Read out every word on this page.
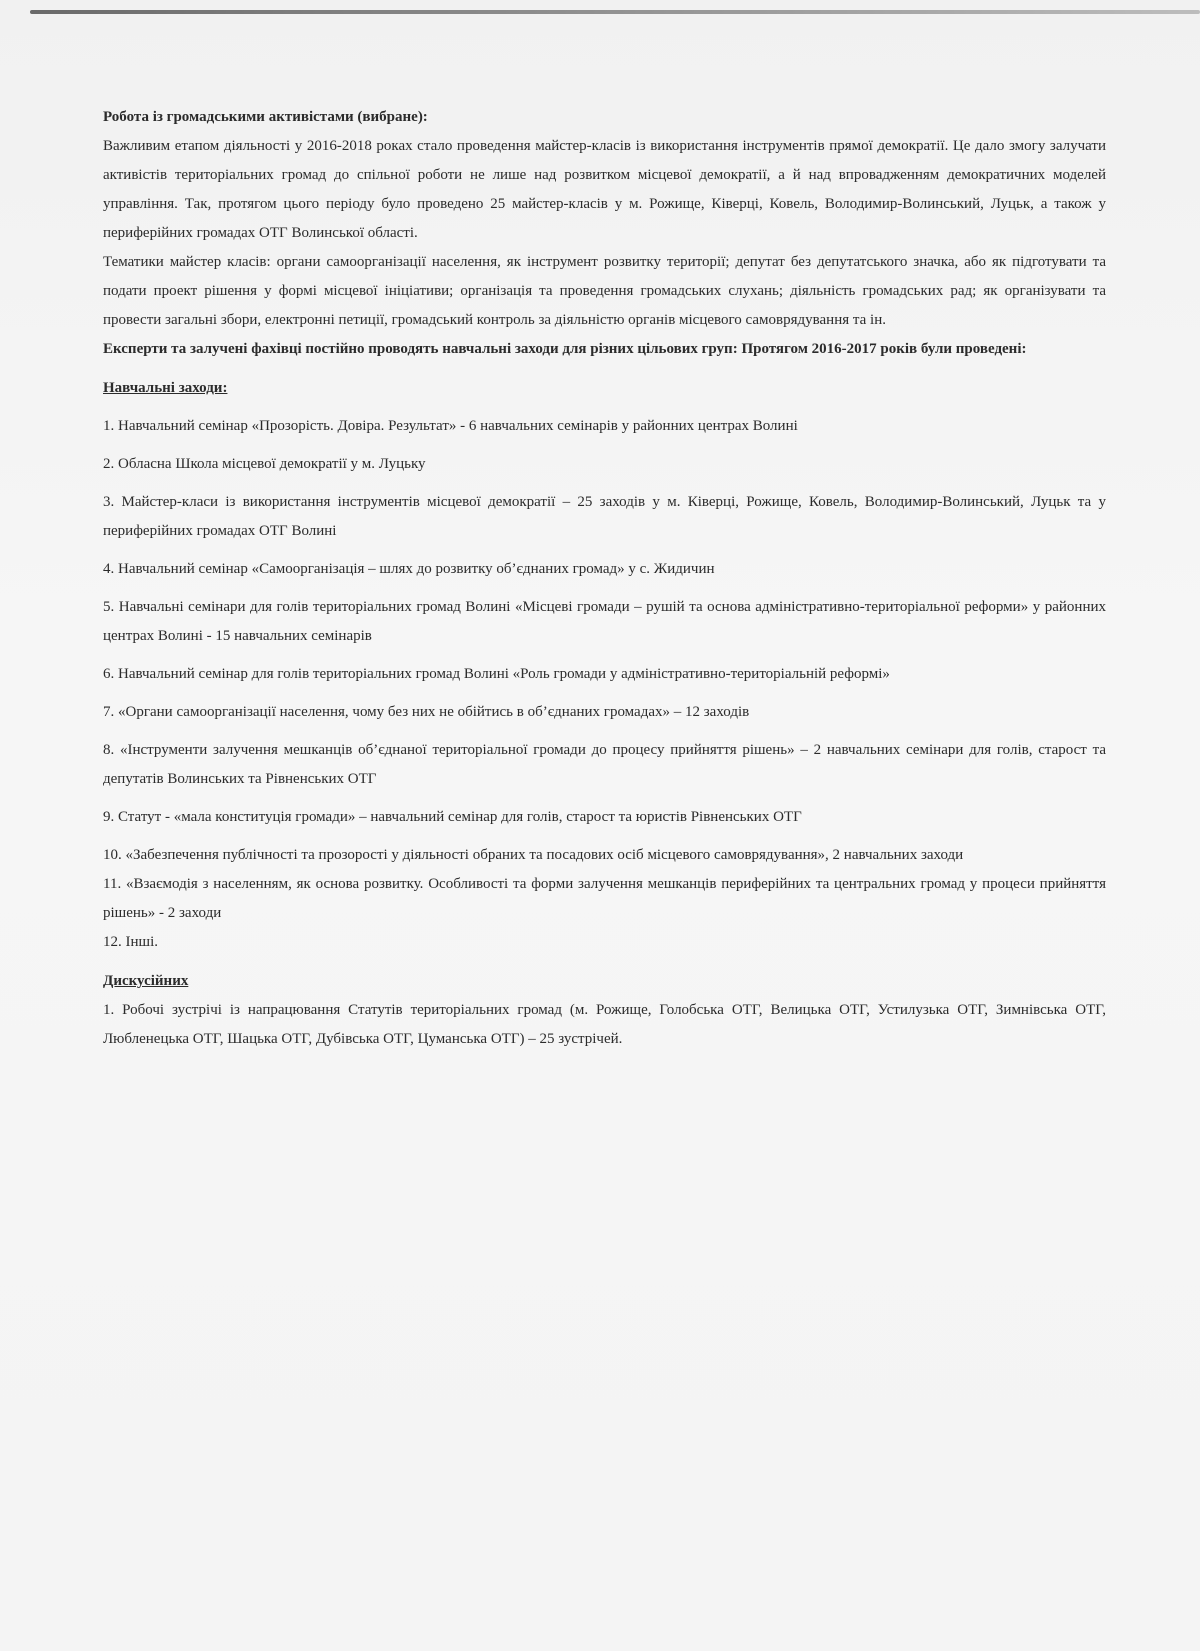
Робота із громадськими активістами (вибране):

Важливим етапом діяльності у 2016-2018 роках стало проведення майстер-класів із використання інструментів прямої демократії. Це дало змогу залучати активістів територіальних громад до спільної роботи не лише над розвитком місцевої демократії, а й над впровадженням демократичних моделей управління. Так, протягом цього періоду було проведено 25 майстер-класів у м. Рожище, Ківерці, Ковель, Володимир-Волинський, Луцьк, а також у периферійних громадах ОТГ Волинської області.

Тематики майстер класів: органи самоорганізації населення, як інструмент розвитку території; депутат без депутатського значка, або як підготувати та подати проект рішення у формі місцевої ініціативи; організація та проведення громадських слухань; діяльність громадських рад; як організувати та провести загальні збори, електронні петиції, громадський контроль за діяльністю органів місцевого самоврядування та ін.

Експерти та залучені фахівці постійно проводять навчальні заходи для різних цільових груп: Протягом 2016-2017 років були проведені:

Навчальні заходи:

1. Навчальний семінар «Прозорість. Довіра. Результат» - 6 навчальних семінарів у районних центрах Волині

2. Обласна Школа місцевої демократії у м. Луцьку

3. Майстер-класи із використання інструментів місцевої демократії – 25 заходів у м. Ківерці, Рожище, Ковель, Володимир-Волинський, Луцьк та у периферійних громадах ОТГ Волині

4. Навчальний семінар «Самоорганізація – шлях до розвитку об’єднаних громад» у с. Жидичин

5. Навчальні семінари для голів територіальних громад Волині «Місцеві громади – рушій та основа адміністративно-територіальної реформи» у районних центрах Волині - 15 навчальних семінарів

6. Навчальний семінар для голів територіальних громад Волині «Роль громади у адміністративно-територіальній реформі»

7. «Органи самоорганізації населення, чому без них не обійтись в об’єднаних громадах» – 12 заходів

8. «Інструменти залучення мешканців об’єднаної територіальної громади до процесу прийняття рішень» – 2 навчальних семінари для голів, старост та депутатів Волинських та Рівненських ОТГ

9. Статут - «мала конституція громади» – навчальний семінар для голів, старост та юристів Рівненських ОТГ

10. «Забезпечення публічності та прозорості у діяльності обраних та посадових осіб місцевого самоврядування», 2 навчальних заходи

11. «Взаємодія з населенням, як основа розвитку. Особливості та форми залучення мешканців периферійних та центральних громад у процеси прийняття рішень» - 2 заходи

12. Інші.

Дискусійних

1. Робочі зустрічі із напрацювання Статутів територіальних громад (м. Рожище, Голобська ОТГ, Велицька ОТГ, Устилузька ОТГ, Зимнівська ОТГ, Любленецька ОТГ, Шацька ОТГ, Дубівська ОТГ, Цуманська ОТГ) – 25 зустрічей.
